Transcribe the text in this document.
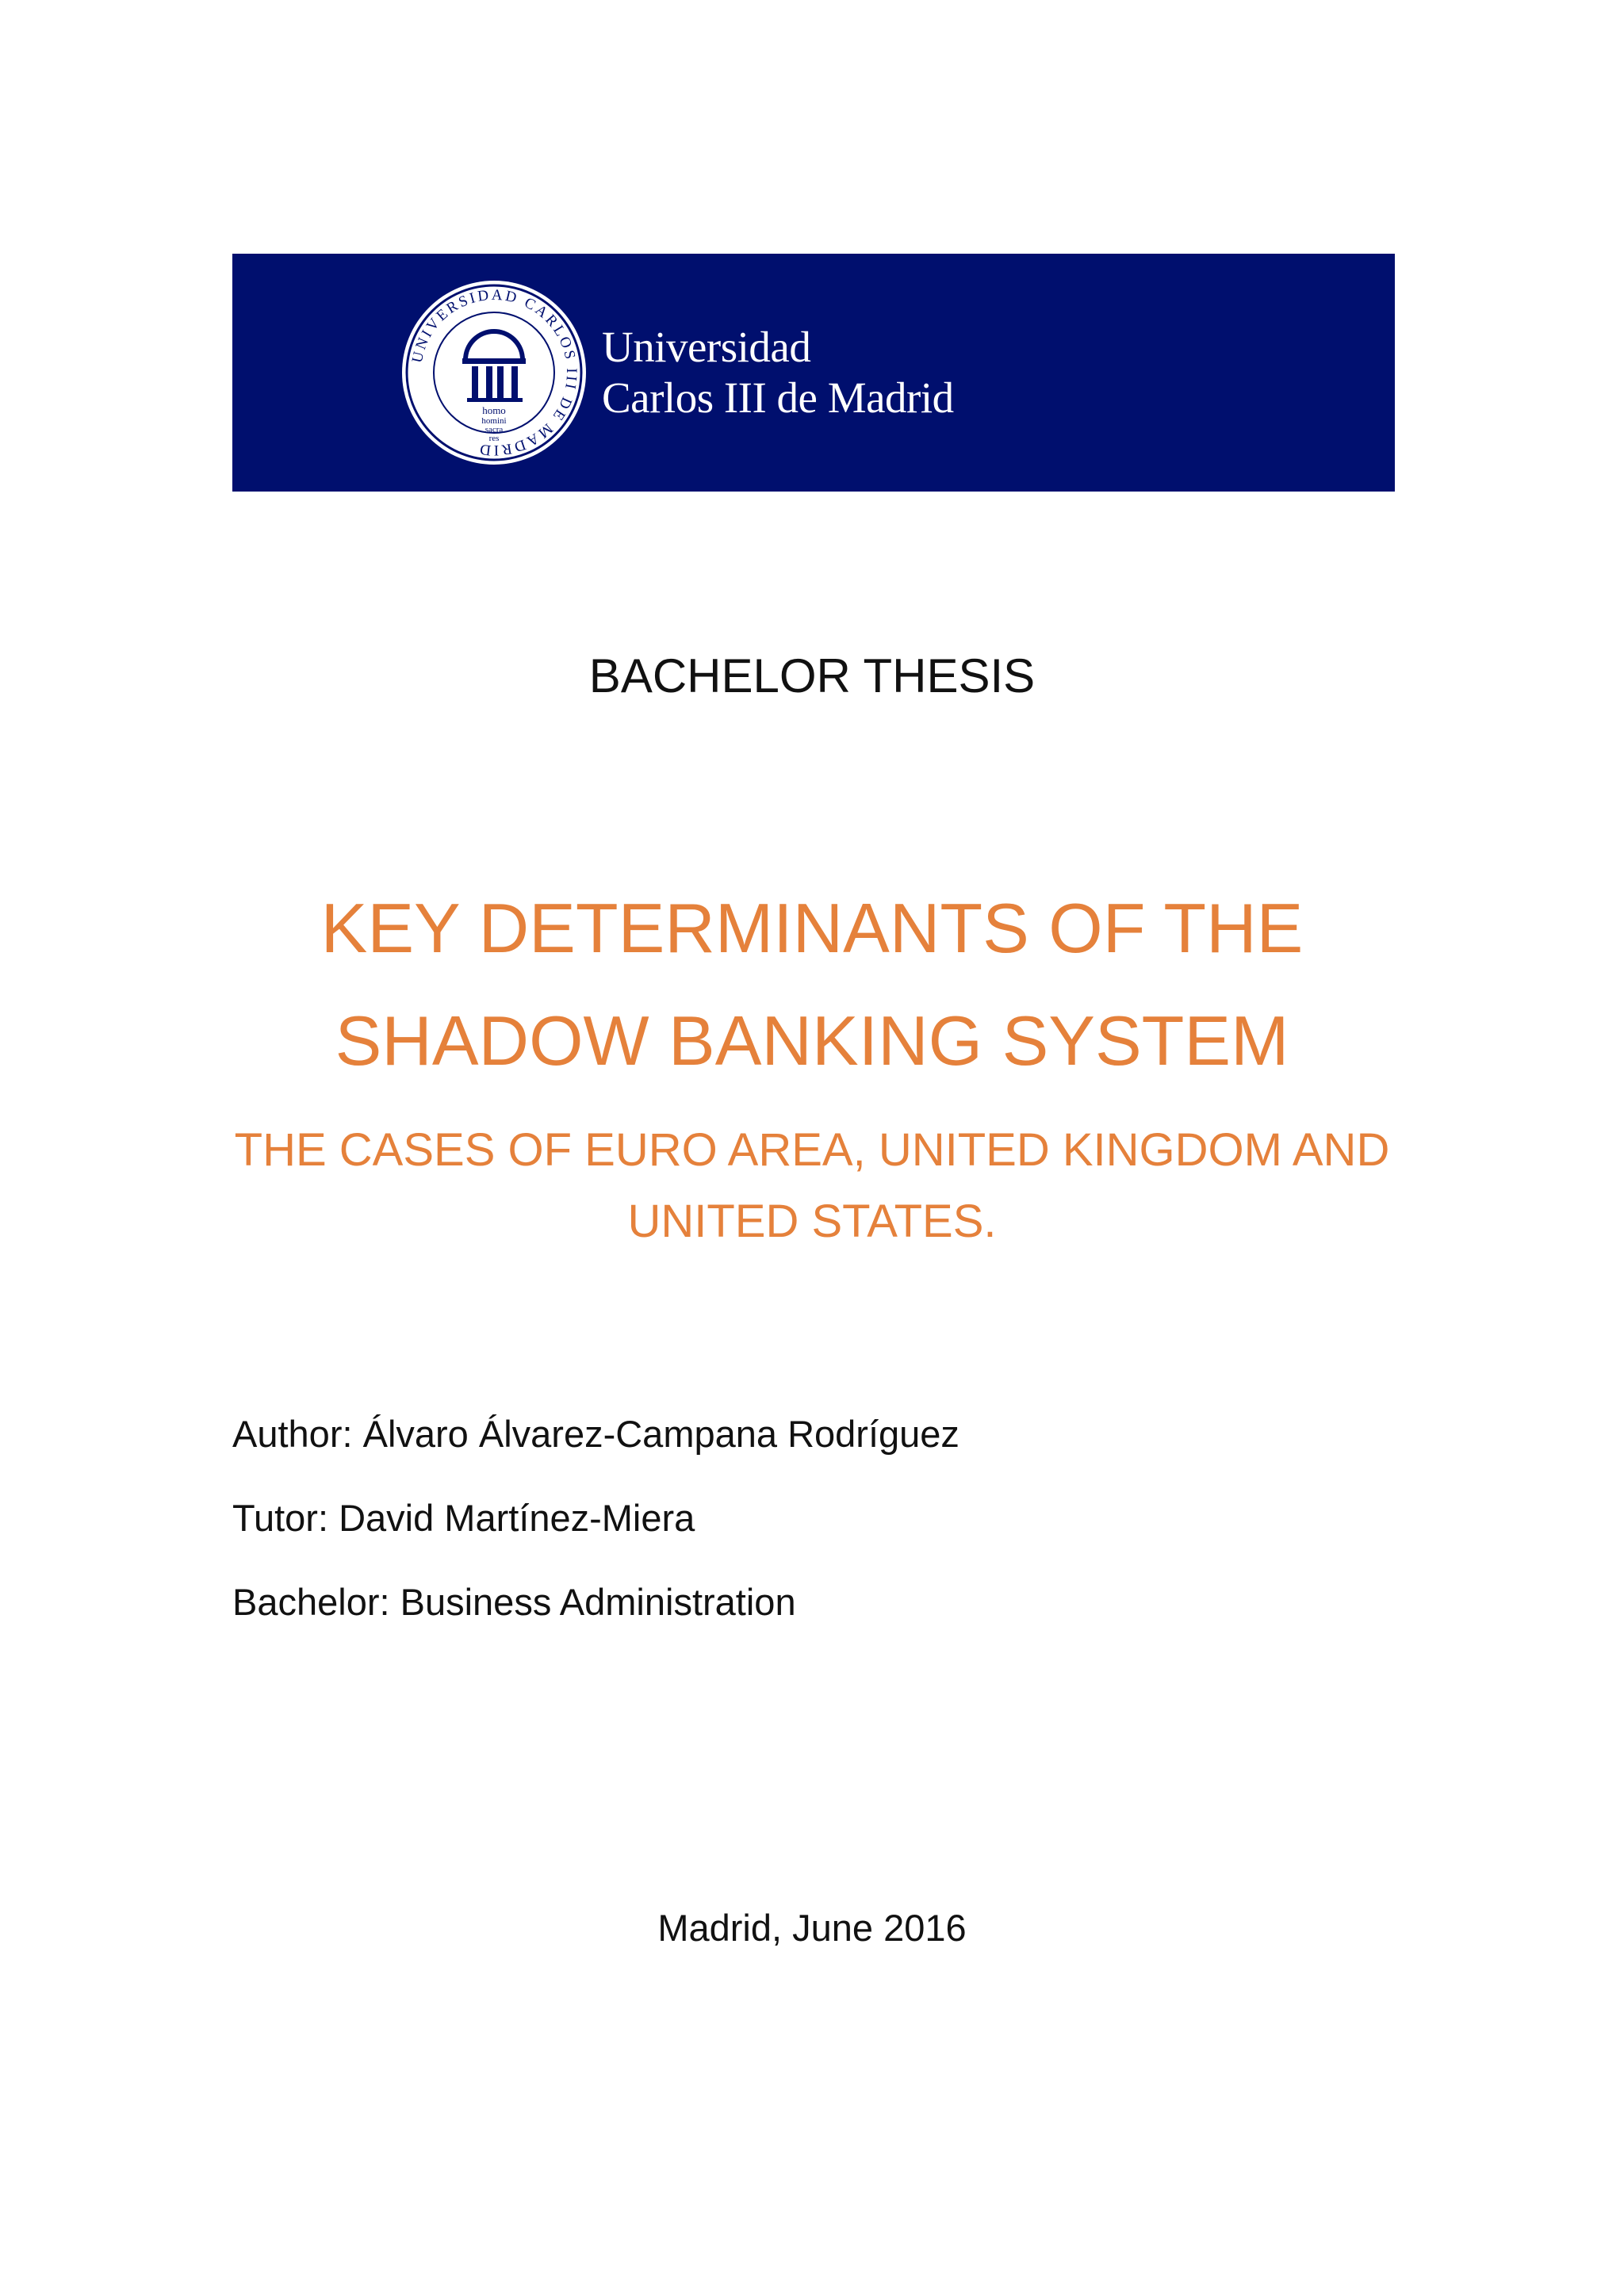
UNIVERSIDAD CARLOS III DE MADRID
homo
homini
sacra
res
Universidad
Carlos III de Madrid
BACHELOR THESIS
KEY DETERMINANTS OF THE
SHADOW BANKING SYSTEM
THE CASES OF EURO AREA, UNITED KINGDOM AND
UNITED STATES.
Author: Álvaro Álvarez-Campana Rodríguez
Tutor: David Martínez-Miera
Bachelor: Business Administration
Madrid, June 2016
